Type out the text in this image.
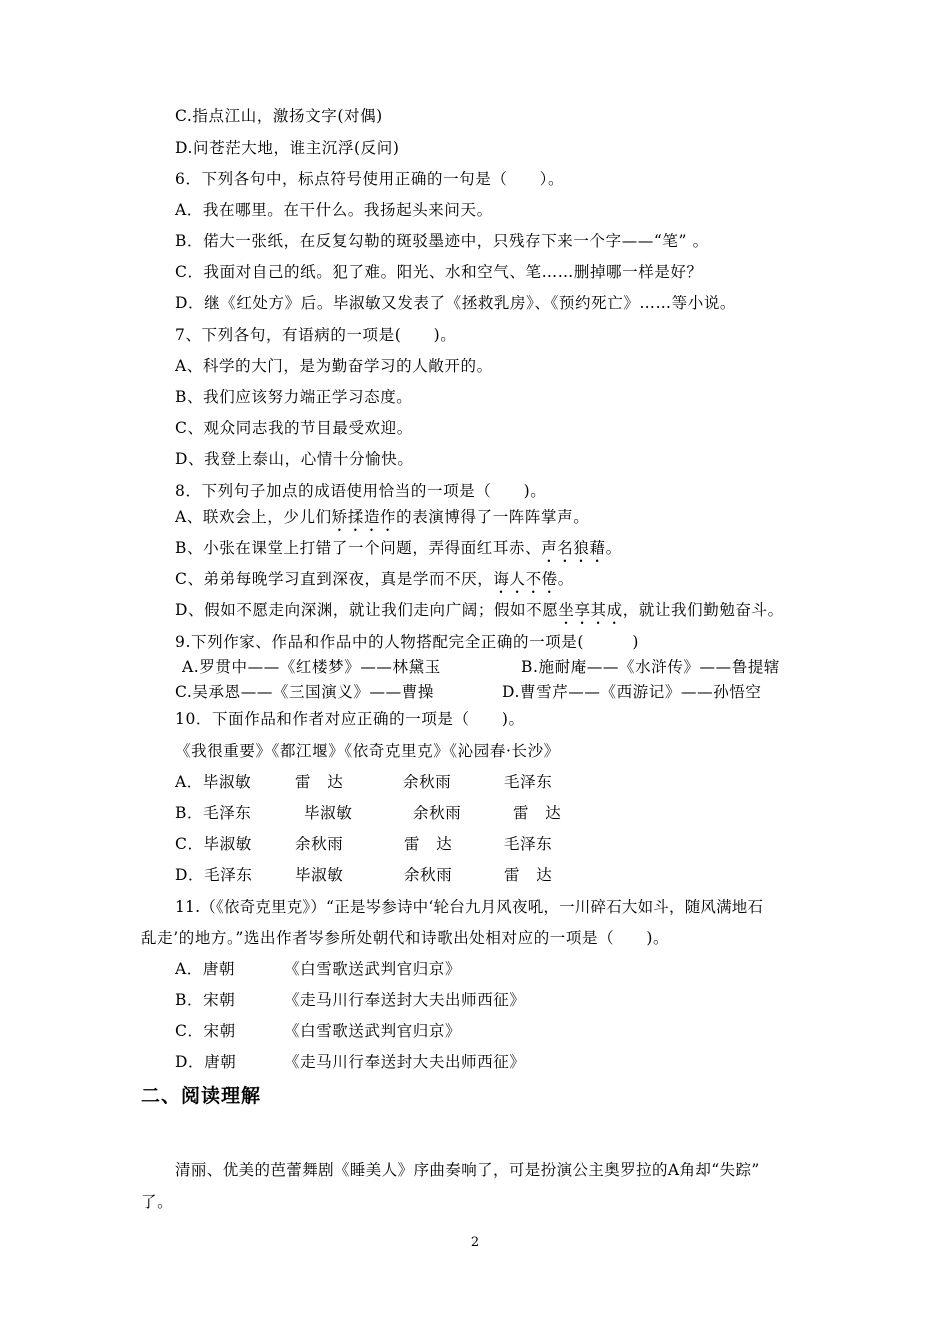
C.指点江山，激扬文字(对偶)
D.问苍茫大地，谁主沉浮(反问)
6．下列各句中，标点符号使用正确的一句是（　　）。
A．我在哪里。在干什么。我扬起头来问天。
B．偌大一张纸，在反复勾勒的斑驳墨迹中，只残存下来一个字——“笔” 。
C．我面对自己的纸。犯了难。阳光、水和空气、笔……删掉哪一样是好？
D．继《红处方》后。毕淑敏又发表了《拯救乳房》、《预约死亡》……等小说。
7、下列各句，有语病的一项是(　　)。
A、科学的大门，是为勤奋学习的人敞开的。
B、我们应该努力端正学习态度。
C、观众同志我的节目最受欢迎。
D、我登上泰山，心情十分愉快。
8．下列句子加点的成语使用恰当的一项是（　　)。
A、联欢会上，少儿们矫揉造作的表演博得了一阵阵掌声。
B、小张在课堂上打错了一个问题，弄得面红耳赤、声名狼藉。
C、弟弟每晚学习直到深夜，真是学而不厌，诲人不倦。
D、假如不愿走向深渊，就让我们走向广阔；假如不愿坐享其成，就让我们勤勉奋斗。
9.下列作家、作品和作品中的人物搭配完全正确的一项是(　　　)
A.罗贯中——《红楼梦》——林黛玉	B.施耐庵——《水浒传》——鲁提辖
C.吴承恩——《三国演义》——曹操	D.曹雪芹——《西游记》——孙悟空
10．下面作品和作者对应正确的一项是（　　)。
《我很重要》《都江堰》《依奇克里克》《沁园春·长沙》
A．毕淑敏	雷　达	余秋雨	毛泽东
B．毛泽东	毕淑敏	余秋雨	雷　达
C．毕淑敏	余秋雨	雷　达	毛泽东
D．毛泽东	毕淑敏	余秋雨	雷　达
11.（《依奇克里克》）“正是岑参诗中‘轮台九月风夜吼，一川碎石大如斗，随风满地石
乱走’的地方。”选出作者岑参所处朝代和诗歌出处相对应的一项是（　　)。
A．唐朝	《白雪歌送武判官归京》
B．宋朝	《走马川行奉送封大夫出师西征》
C．宋朝	《白雪歌送武判官归京》
D．唐朝	《走马川行奉送封大夫出师西征》
二、阅读理解
清丽、优美的芭蕾舞剧《睡美人》序曲奏响了，可是扮演公主奥罗拉的A角却“失踪”
了。
2
